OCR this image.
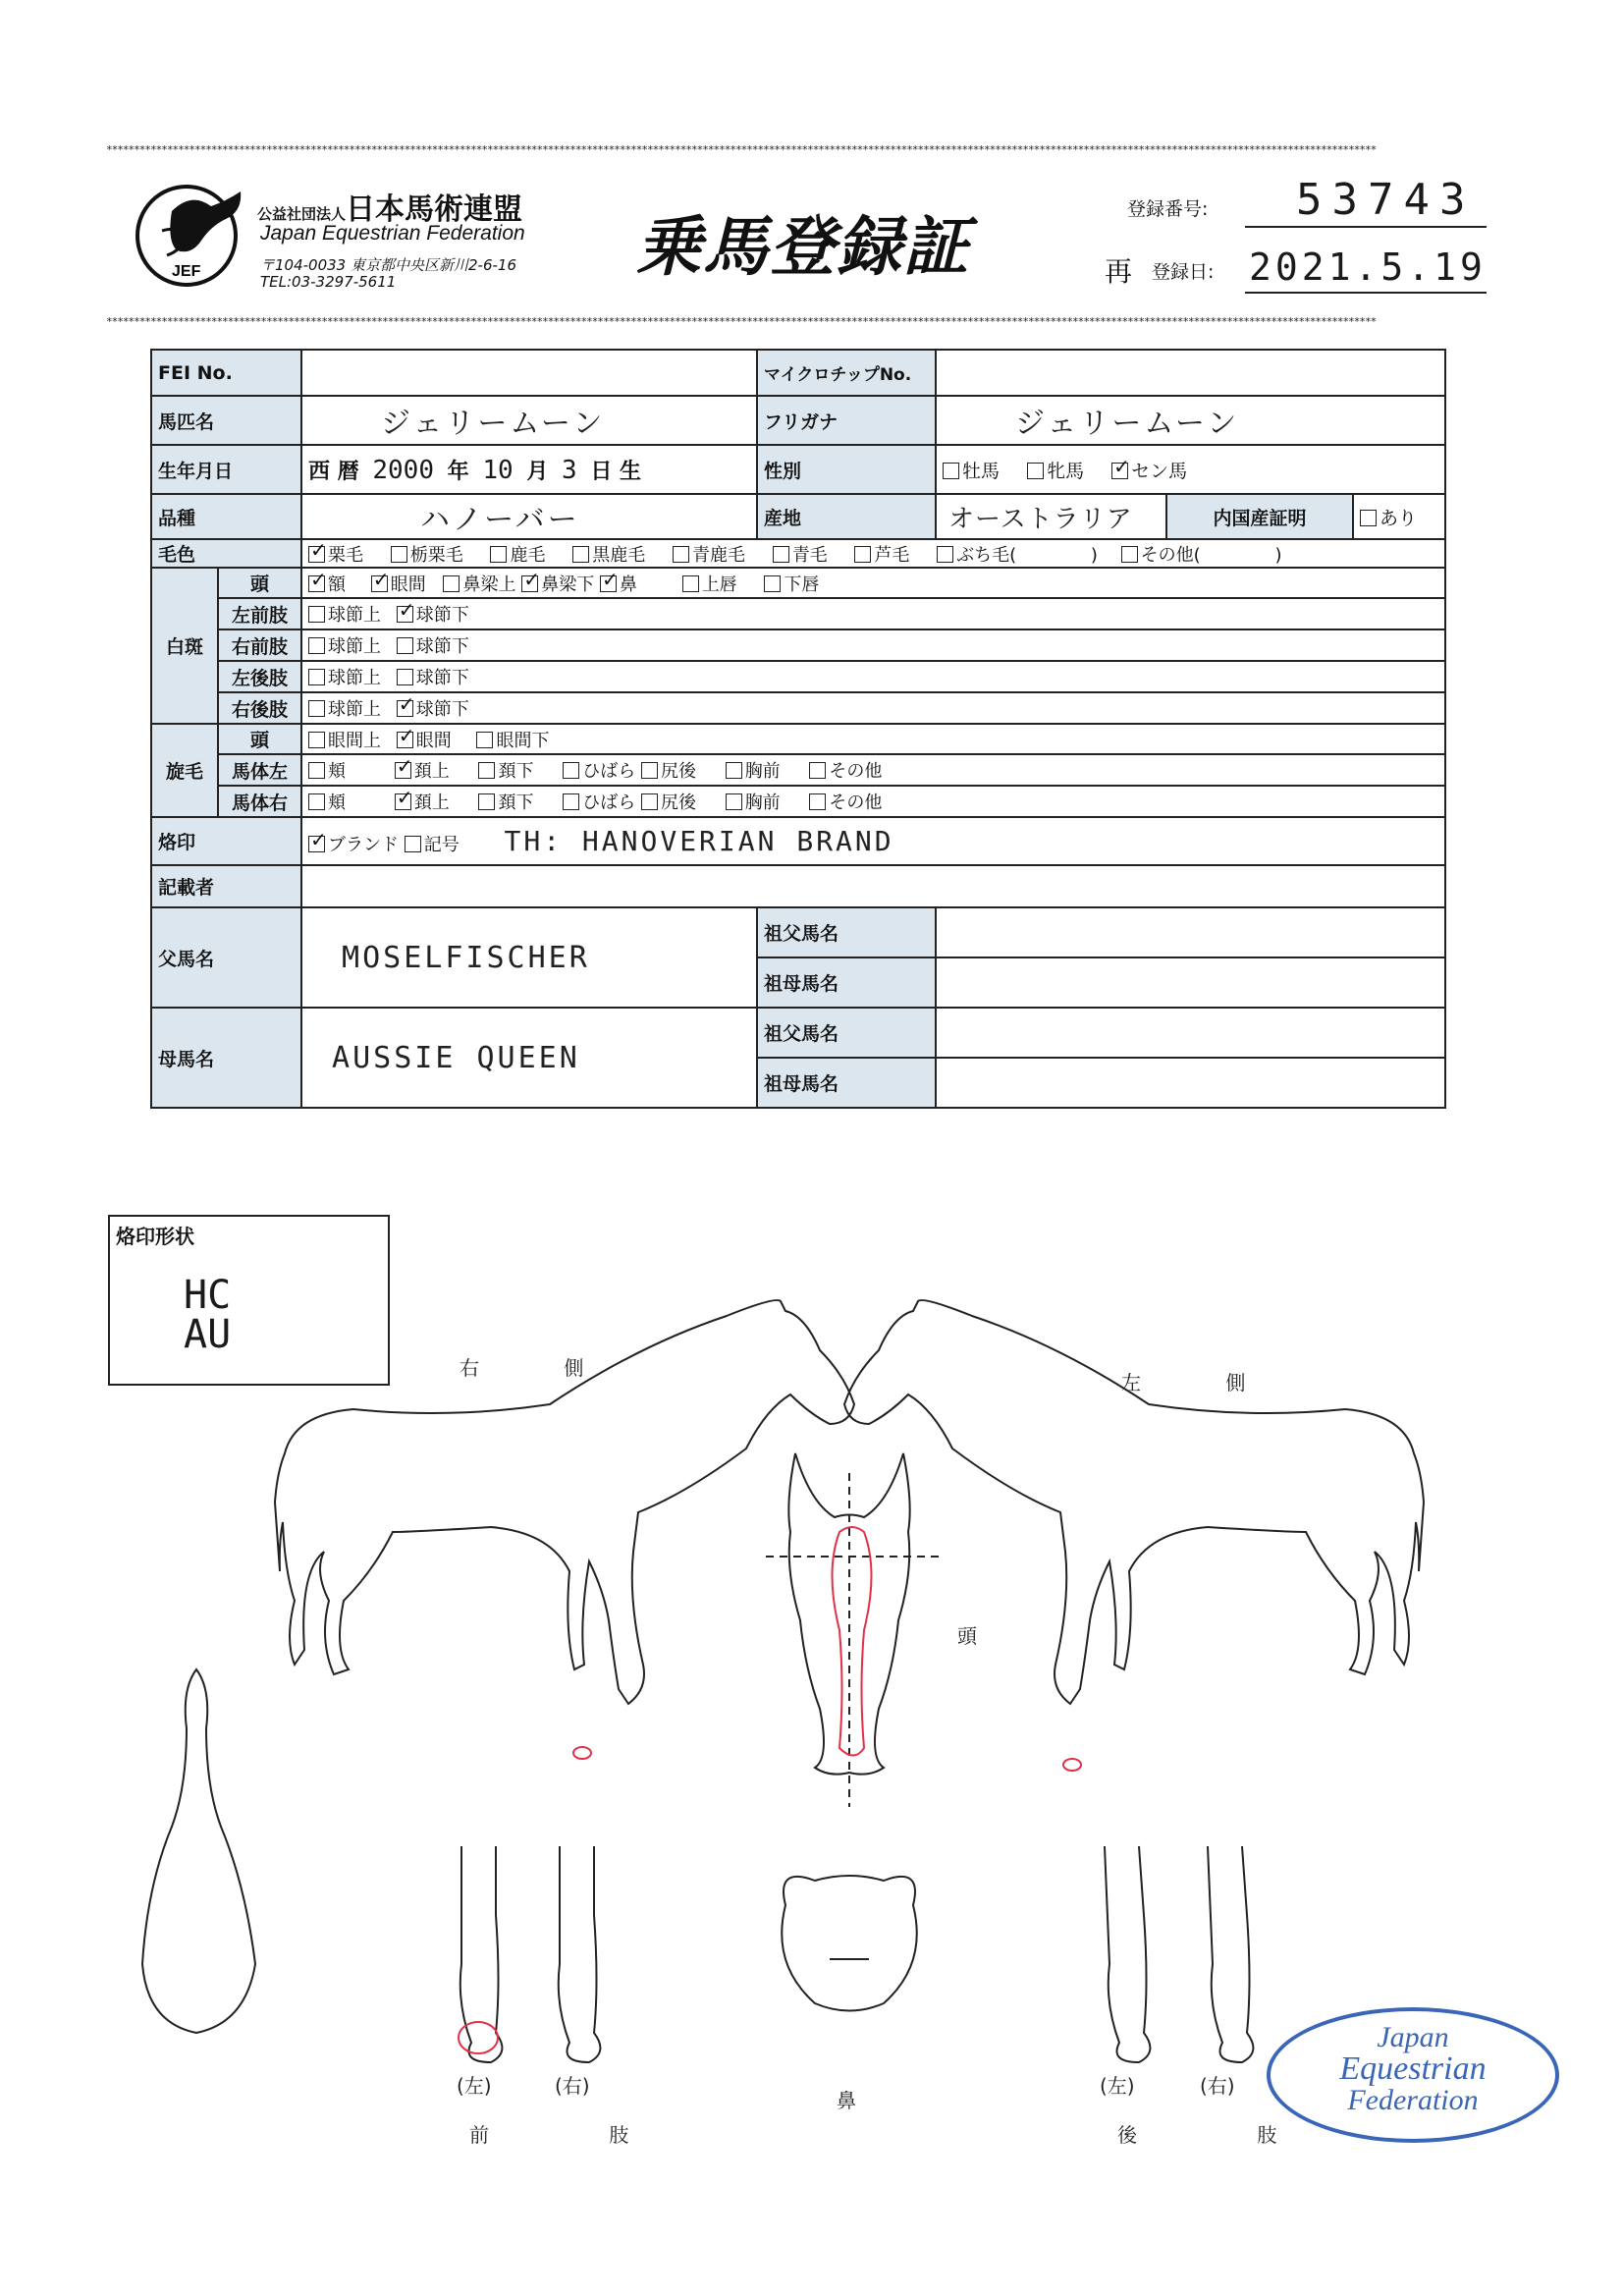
**************************************************************************************************************************************************************************************************************************************
**************************************************************************************************************************************************************************************************************************************
JEF
公益社団法人日本馬術連盟
Japan Equestrian Federation
〒104-0033 東京都中央区新川2-6-16
TEL:03-3297-5611	乗馬登録証	登録番号: 53743
再 登録日: 2021.5.19
FEI No.			マイクロチップNo.			
馬匹名		ジェリームーン	フリガナ	ジェリームーン		
生年月日		西 暦 2000 年 10 月 3 日 生	性別	牡馬 牝馬 ✓ セン馬
品種		ハノーバー	産地	オーストラリア	内国産証明	あり
毛色	✓栗毛 栃栗毛 鹿毛 黒鹿毛 青鹿毛 青毛 芦毛 ぶち毛( ) その他( )
白斑	頭	✓額 ✓ 眼間 鼻梁上 ✓ 鼻梁下 ✓ 鼻 上唇 下唇
	左前肢	球節上 ✓ 球節下
	右前肢	球節上 球節下				
	左後肢	球節上 球節下				
	右後肢	球節上 ✓ 球節下
旋毛	頭	眼間上 ✓ 眼間 眼間下
	馬体左	頬 ✓ 頚上 頚下 ひばら 尻後 胸前 その他
	馬体右	頬 ✓ 頚上 頚下 ひばら 尻後 胸前 その他
烙印	✓ブランド 記号 TH: HANOVERIAN BRAND
記載者						
父馬名		MOSELFISCHER	祖父馬名			
			祖母馬名			
母馬名		AUSSIE QUEEN	祖父馬名			
			祖母馬名			
烙印形状
HC AU
右 側
左 側
頭
鼻
(左)	(右)
前 肢
(左)	(右)
後 肢
Japan
Equestrian
Federation
